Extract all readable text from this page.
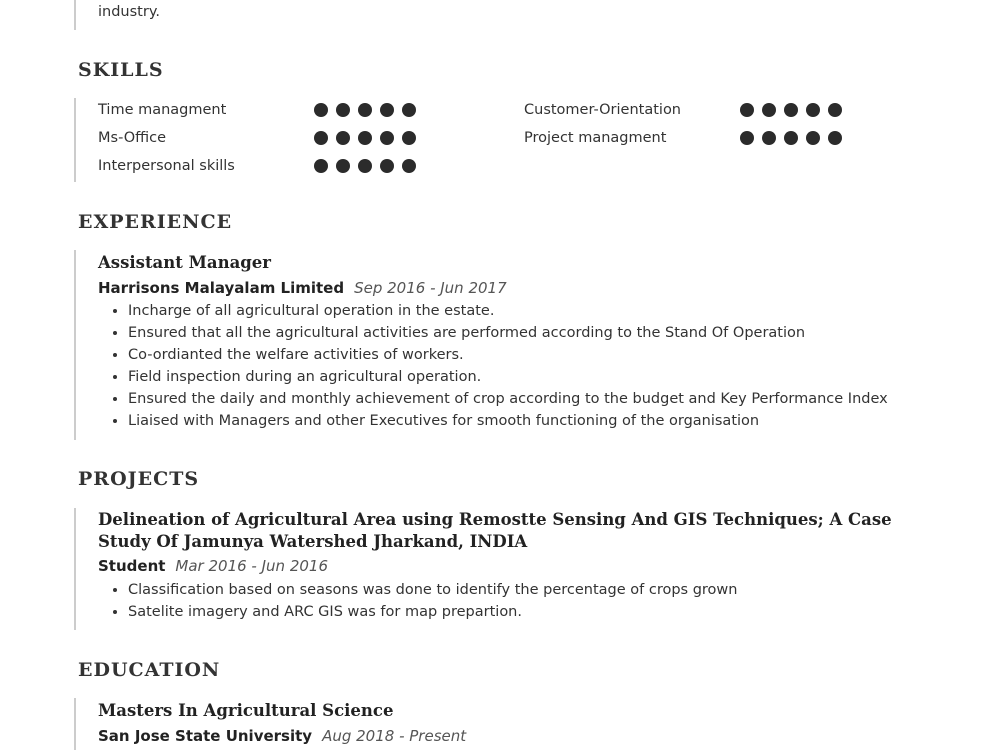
industry.
SKILLS
Time managment
Ms-Office
Interpersonal skills
Customer-Orientation
Project managment
EXPERIENCE
Assistant Manager
Harrisons Malayalam Limited Sep 2016 - Jun 2017
• Incharge of all agricultural operation in the estate.
• Ensured that all the agricultural activities are performed according to the Stand Of Operation
• Co-ordianted the welfare activities of workers.
• Field inspection during an agricultural operation.
• Ensured the daily and monthly achievement of crop according to the budget and Key Performance Index
• Liaised with Managers and other Executives for smooth functioning of the organisation
PROJECTS
Delineation of Agricultural Area using Remostte Sensing And GIS Techniques; A Case
Study Of Jamunya Watershed Jharkand, INDIA
Student Mar 2016 - Jun 2016
• Classification based on seasons was done to identify the percentage of crops grown
• Satelite imagery and ARC GIS was for map prepartion.
EDUCATION
Masters In Agricultural Science
San Jose State University Aug 2018 - Present
